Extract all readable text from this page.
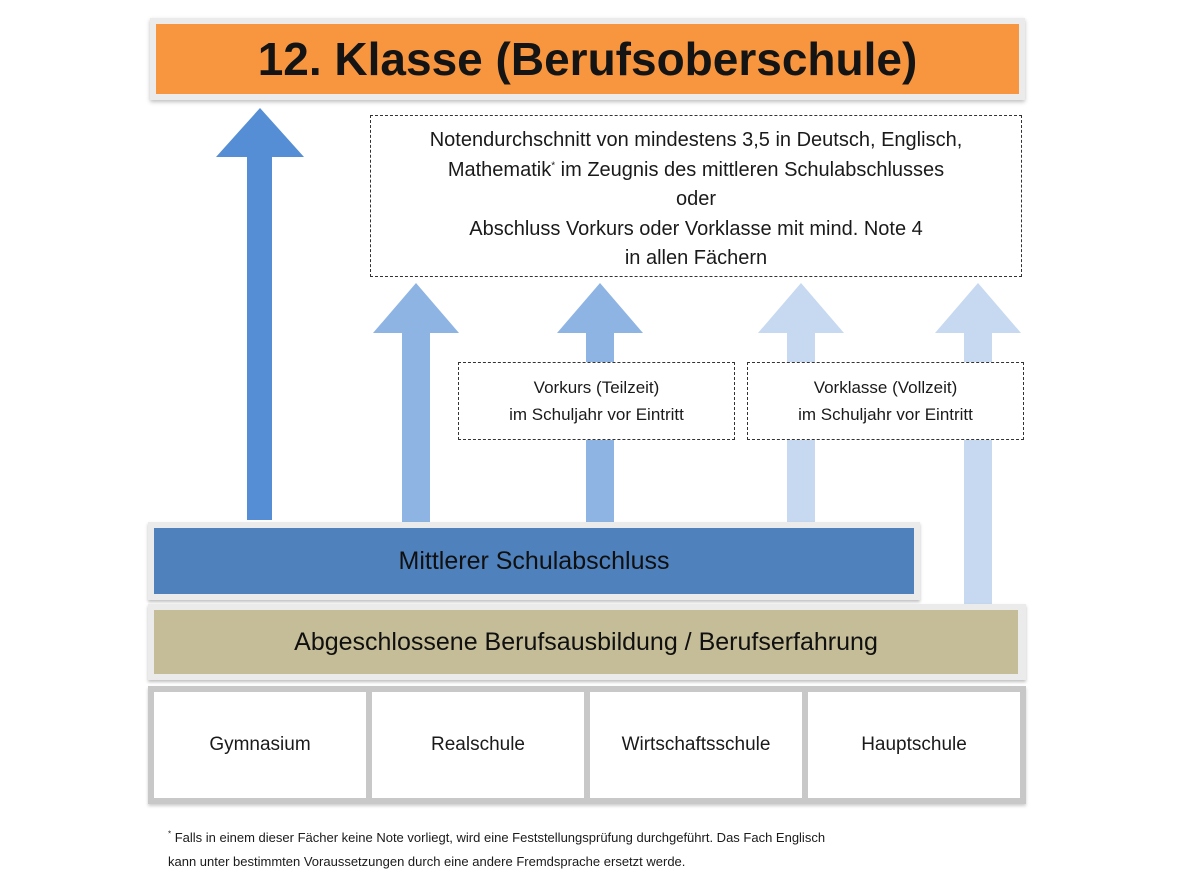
12. Klasse (Berufsoberschule)
Notendurchschnitt von mindestens 3,5 in Deutsch, Englisch,
Mathematik* im Zeugnis des mittleren Schulabschlusses
oder
Abschluss Vorkurs oder Vorklasse mit mind. Note 4
in allen Fächern
Vorkurs (Teilzeit)
im Schuljahr vor Eintritt
Vorklasse (Vollzeit)
im Schuljahr vor Eintritt
Mittlerer Schulabschluss
Abgeschlossene Berufsausbildung / Berufserfahrung
Gymnasium	Realschule	Wirtschaftsschule	Hauptschule
* Falls in einem dieser Fächer keine Note vorliegt, wird eine Feststellungsprüfung durchgeführt. Das Fach Englisch
kann unter bestimmten Voraussetzungen durch eine andere Fremdsprache ersetzt werde.
